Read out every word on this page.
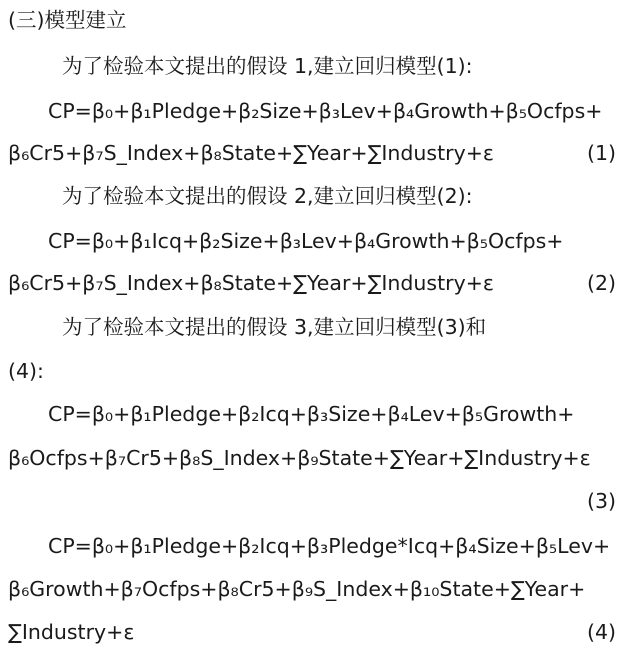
(三)模型建立
为了检验本文提出的假设 1,建立回归模型(1):
CP=β₀+β₁Pledge+β₂Size+β₃Lev+β₄Growth+β₅Ocfps+
β₆Cr5+β₇S_Index+β₈State+∑Year+∑Industry+ε	(1)
为了检验本文提出的假设 2,建立回归模型(2):
CP=β₀+β₁Icq+β₂Size+β₃Lev+β₄Growth+β₅Ocfps+
β₆Cr5+β₇S_Index+β₈State+∑Year+∑Industry+ε	(2)
为了检验本文提出的假设 3,建立回归模型(3)和
(4):
CP=β₀+β₁Pledge+β₂Icq+β₃Size+β₄Lev+β₅Growth+
β₆Ocfps+β₇Cr5+β₈S_Index+β₉State+∑Year+∑Industry+ε
(3)
CP=β₀+β₁Pledge+β₂Icq+β₃Pledge*Icq+β₄Size+β₅Lev+
β₆Growth+β₇Ocfps+β₈Cr5+β₉S_Index+β₁₀State+∑Year+
∑Industry+ε	(4)
